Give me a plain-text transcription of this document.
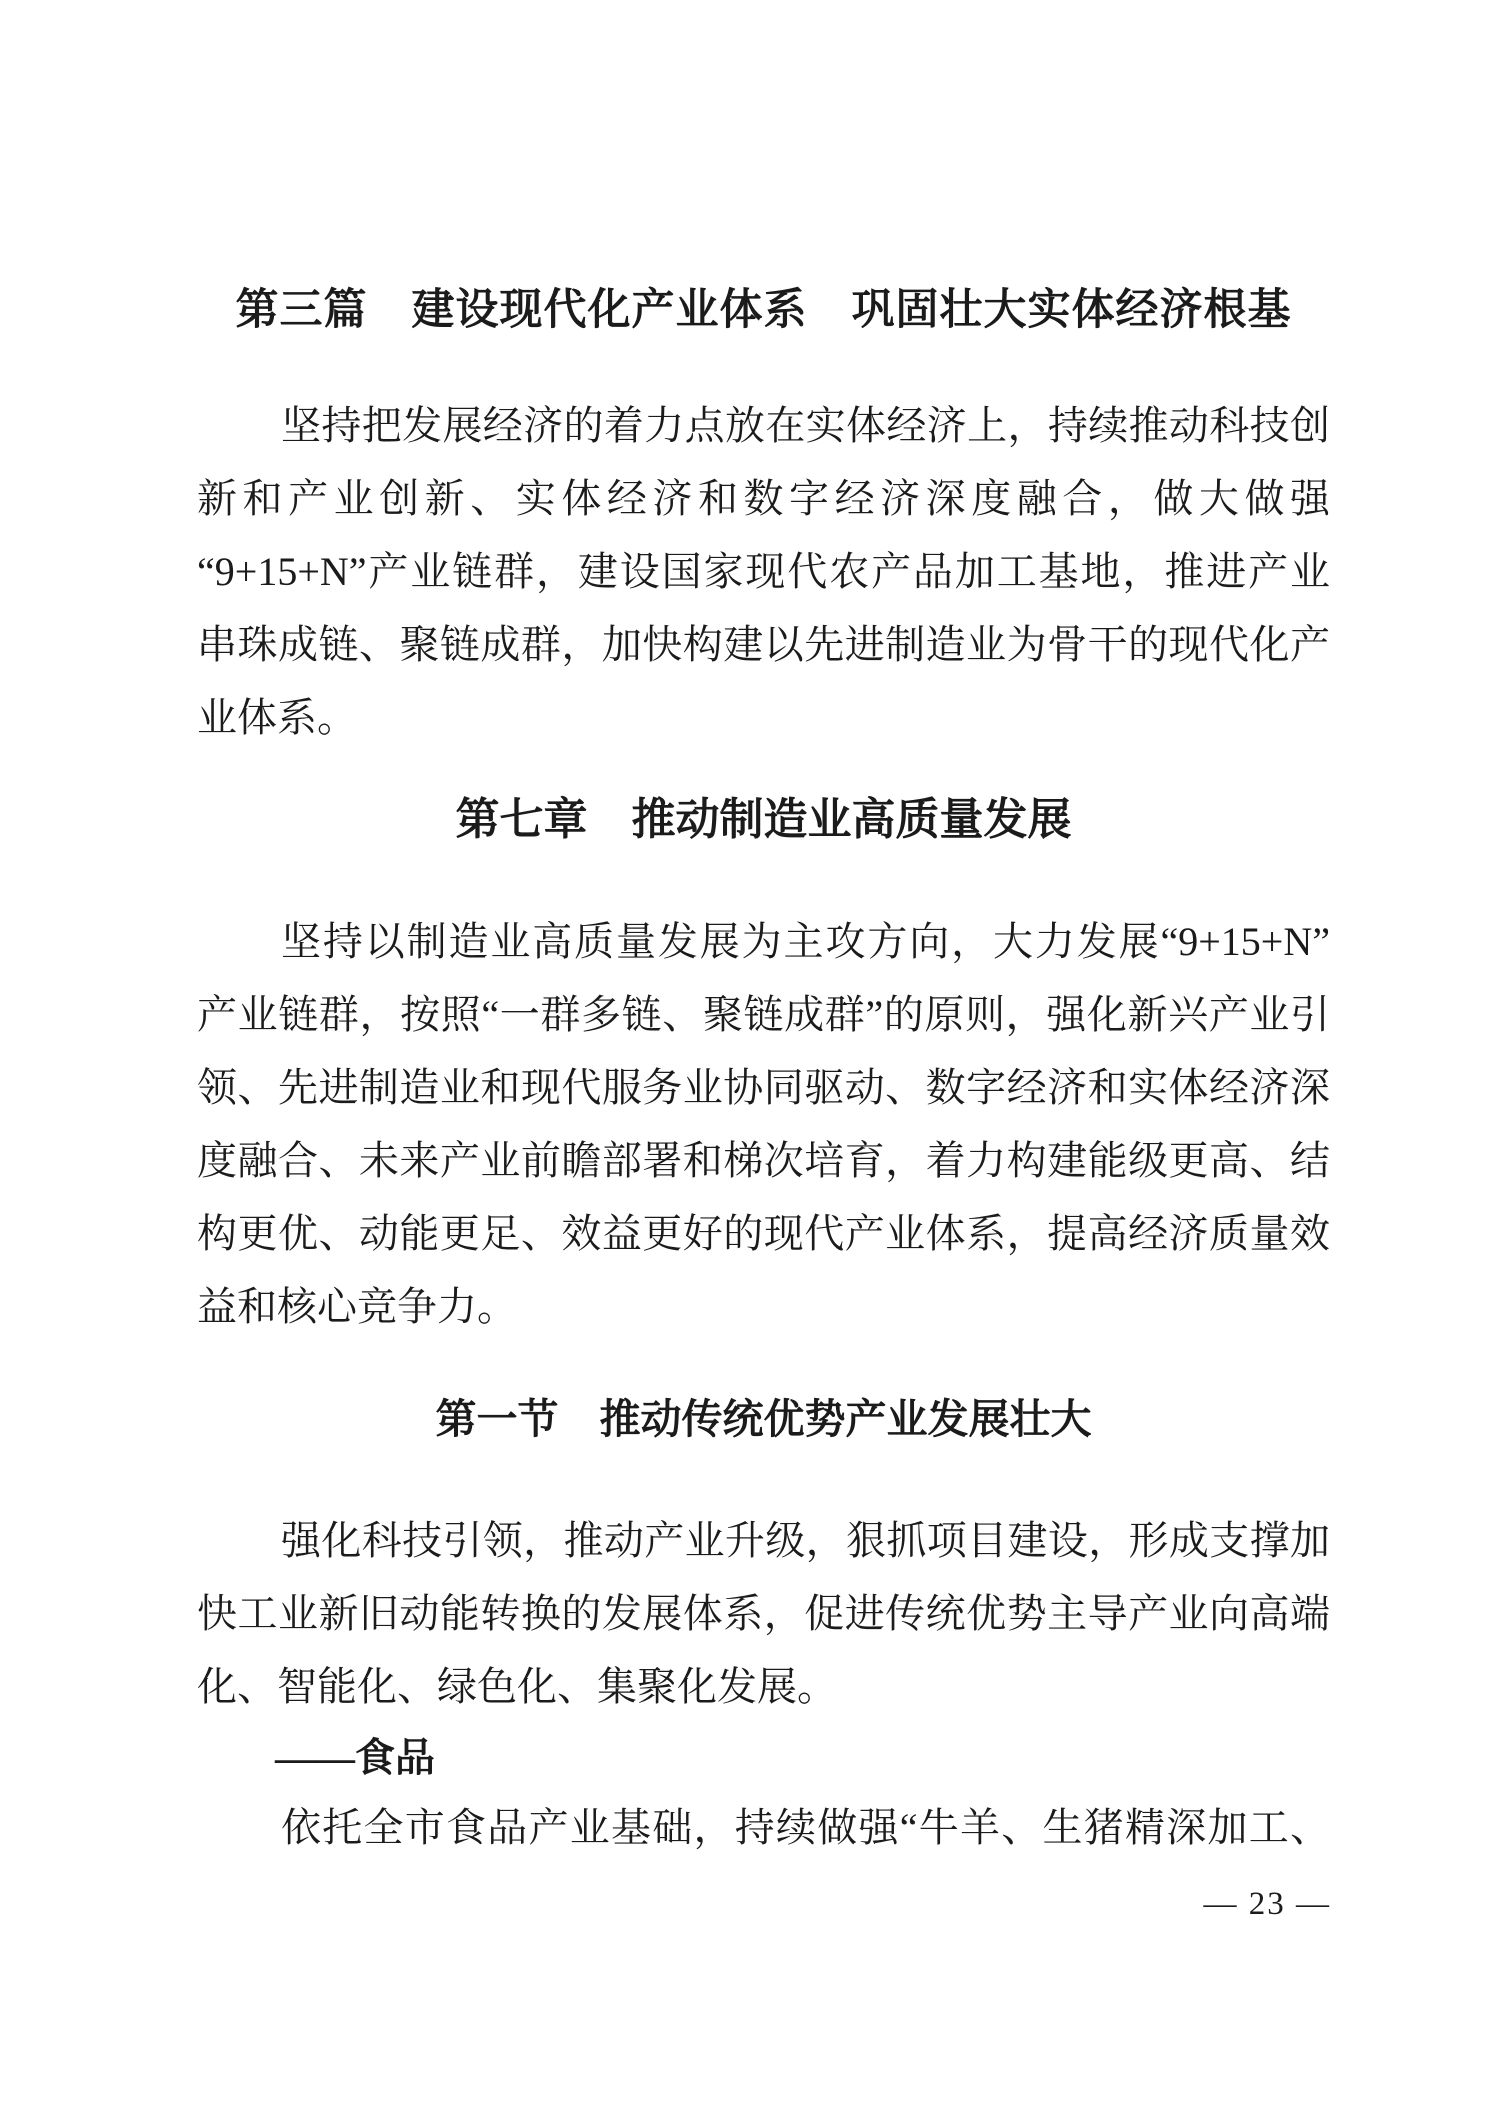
第三篇　建设现代化产业体系　巩固壮大实体经济根基
坚持把发展经济的着力点放在实体经济上，持续推动科技创
新和产业创新、实体经济和数字经济深度融合，做大做强
“9+15+N”产业链群，建设国家现代农产品加工基地，推进产业
串珠成链、聚链成群，加快构建以先进制造业为骨干的现代化产
业体系。
第七章　推动制造业高质量发展
坚持以制造业高质量发展为主攻方向，大力发展“9+15+N”
产业链群，按照“一群多链、聚链成群”的原则，强化新兴产业引
领、先进制造业和现代服务业协同驱动、数字经济和实体经济深
度融合、未来产业前瞻部署和梯次培育，着力构建能级更高、结
构更优、动能更足、效益更好的现代产业体系，提高经济质量效
益和核心竞争力。
第一节　推动传统优势产业发展壮大
强化科技引领，推动产业升级，狠抓项目建设，形成支撑加
快工业新旧动能转换的发展体系，促进传统优势主导产业向高端
化、智能化、绿色化、集聚化发展。
——食品
依托全市食品产业基础，持续做强“牛羊、生猪精深加工、
— 23 —
